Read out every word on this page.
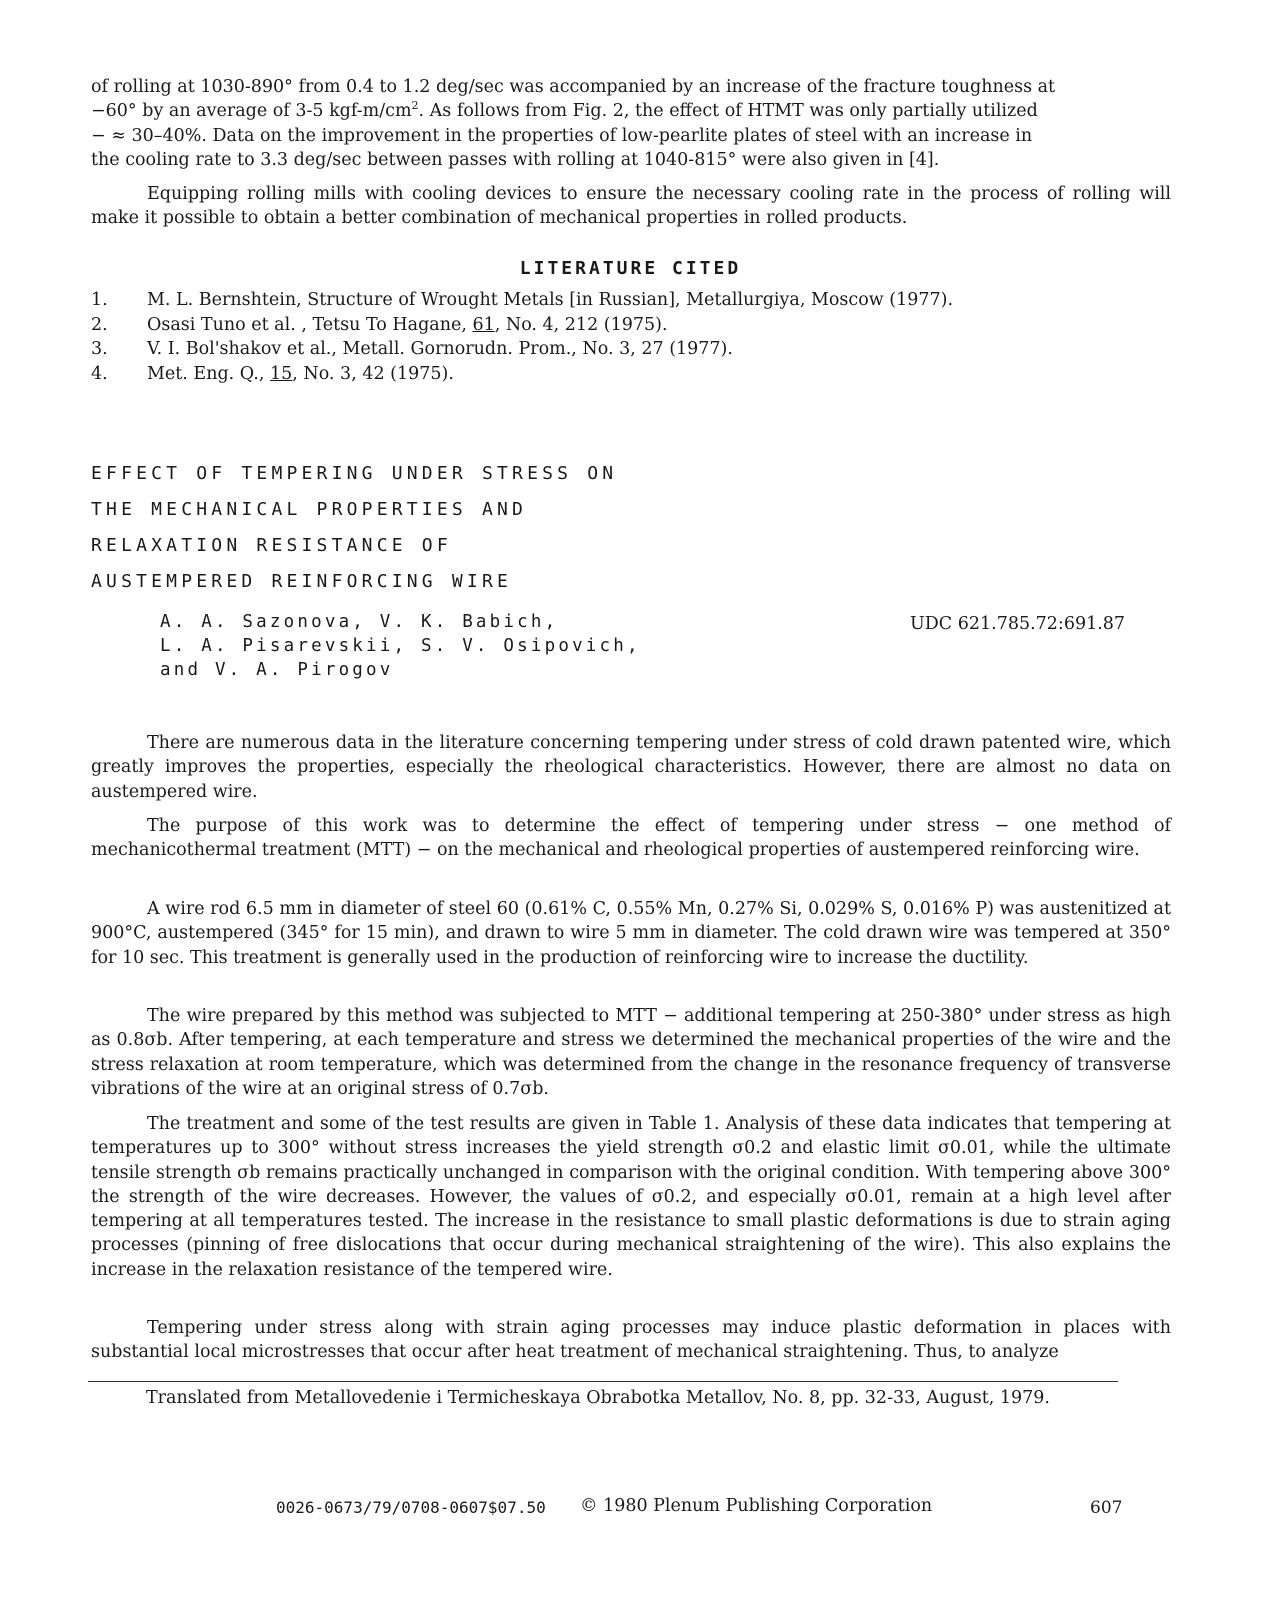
of rolling at 1030-890° from 0.4 to 1.2 deg/sec was accompanied by an increase of the fracture toughness at
−60° by an average of 3-5 kgf-$m/cm^2$. As follows from Fig. 2, the effect of HTMT was only partially utilized
− ≈ 30–40%. Data on the improvement in the properties of low-pearlite plates of steel with an increase in
the cooling rate to 3.3 deg/sec between passes with rolling at 1040-815° were also given in [4].

Equipping rolling mills with cooling devices to ensure the necessary cooling rate in the process of rolling will make it possible to obtain a better combination of mechanical properties in rolled products.

LITERATURE CITED
1.	M. L. Bernshtein, Structure of Wrought Metals [in Russian], Metallurgiya, Moscow (1977).
2.	Osasi Tuno et al. , Tetsu To Hagane, 61, No. 4, 212 (1975).
3.	V. I. Bol'shakov et al., Metall. Gornorudn. Prom., No. 3, 27 (1977).
4.	Met. Eng. Q., 15, No. 3, 42 (1975).
EFFECT OF TEMPERING UNDER STRESS ON
THE MECHANICAL PROPERTIES AND
RELAXATION RESISTANCE OF
AUSTEMPERED REINFORCING WIRE
A. A. Sazonova, V. K. Babich,
L. A. Pisarevskii, S. V. Osipovich,
and V. A. Pirogov
UDC 621.785.72:691.87

There are numerous data in the literature concerning tempering under stress of cold drawn patented wire, which greatly improves the properties, especially the rheological characteristics. However, there are almost no data on austempered wire.

The purpose of this work was to determine the effect of tempering under stress − one method of mechanicothermal treatment (MTT) − on the mechanical and rheological properties of austempered reinforcing wire.

A wire rod 6.5 mm in diameter of steel 60 (0.61% C, 0.55% Mn, 0.27% Si, 0.029% S, 0.016% P) was austenitized at 900°C, austempered (345° for 15 min), and drawn to wire 5 mm in diameter. The cold drawn wire was tempered at 350° for 10 sec. This treatment is generally used in the production of reinforcing wire to increase the ductility.

The wire prepared by this method was subjected to MTT − additional tempering at 250-380° under stress as high as 0.8σb. After tempering, at each temperature and stress we determined the mechanical properties of the wire and the stress relaxation at room temperature, which was determined from the change in the resonance frequency of transverse vibrations of the wire at an original stress of 0.7σb.

The treatment and some of the test results are given in Table 1. Analysis of these data indicates that tempering at temperatures up to 300° without stress increases the yield strength σ0.2 and elastic limit σ0.01, while the ultimate tensile strength σb remains practically unchanged in comparison with the original condition. With tempering above 300° the strength of the wire decreases. However, the values of σ0.2, and especially σ0.01, remain at a high level after tempering at all temperatures tested. The increase in the resistance to small plastic deformations is due to strain aging processes (pinning of free dislocations that occur during mechanical straightening of the wire). This also explains the increase in the relaxation resistance of the tempered wire.

Tempering under stress along with strain aging processes may induce plastic deformation in places with substantial local microstresses that occur after heat treatment of mechanical straightening. Thus, to analyze

Translated from Metallovedenie i Termicheskaya Obrabotka Metallov, No. 8, pp. 32-33, August, 1979.
0026-0673/79/0708-0607$07.50 © 1980 Plenum Publishing Corporation	607
